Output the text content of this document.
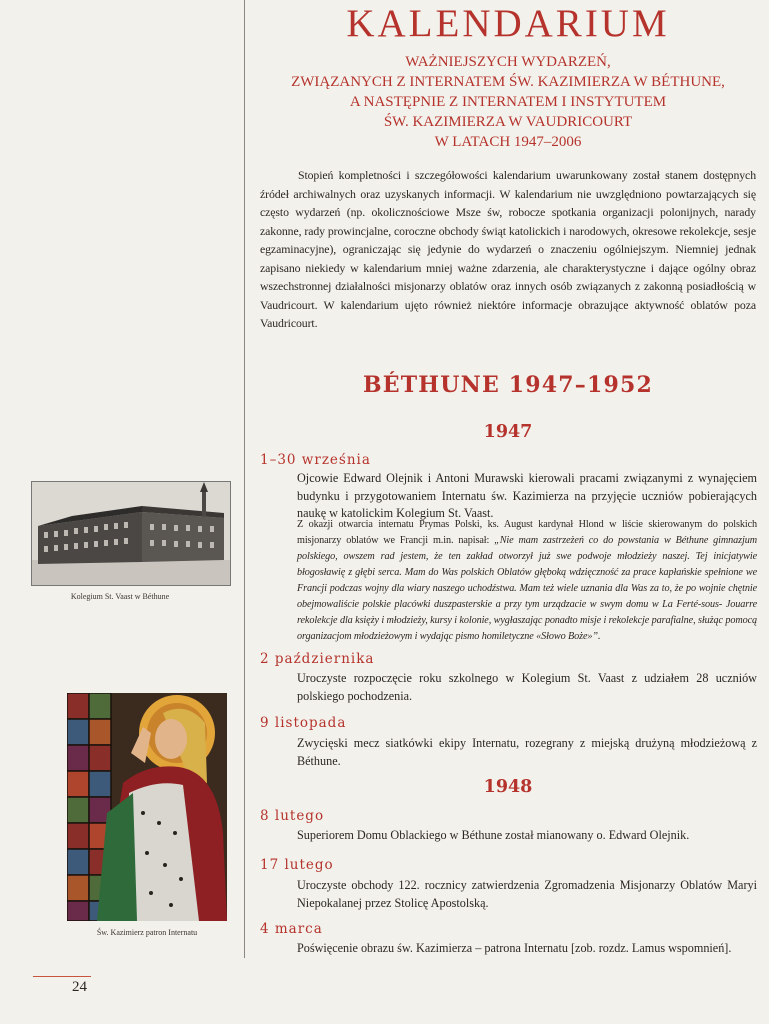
KALENDARIUM
WAŻNIEJSZYCH WYDARZEŃ,
ZWIĄZANYCH Z INTERNATEM ŚW. KAZIMIERZA W BÉTHUNE,
A NASTĘPNIE Z INTERNATEM I INSTYTUTEM
ŚW. KAZIMIERZA W VAUDRICOURT
W LATACH 1947–2006

Stopień kompletności i szczegółowości kalendarium uwarunkowany został stanem dostępnych źródeł archiwalnych oraz uzyskanych informacji. W kalendarium nie uwzględniono powtarzających się często wydarzeń (np. okolicznościowe Msze św, robocze spotkania organizacji polonijnych, narady zakonne, rady prowincjalne, coroczne obchody świąt katolickich i narodowych, okresowe rekolekcje, sesje egzaminacyjne), ograniczając się jedynie do wydarzeń o znaczeniu ogólniejszym. Niemniej jednak zapisano niekiedy w kalendarium mniej ważne zdarzenia, ale charakterystyczne i dające ogólny obraz wszechstronnej działalności misjonarzy oblatów oraz innych osób związanych z zakonną posiadłością w Vaudricourt. W kalendarium ujęto również niektóre informacje obrazujące aktywność oblatów poza Vaudricourt.

BÉTHUNE 1947–1952
1947

1–30 września

Ojcowie Edward Olejnik i Antoni Murawski kierowali pracami związanymi z wynajęciem budynku i przygotowaniem Internatu św. Kazimierza na przyjęcie uczniów pobierających naukę w katolickim Kolegium St. Vaast.

Z okazji otwarcia internatu Prymas Polski, ks. August kardynał Hlond w liście skierowanym do polskich misjonarzy oblatów we Francji m.in. napisał: „Nie mam zastrzeżeń co do powstania w Béthune gimnazjum polskiego, owszem rad jestem, że ten zakład otworzył już swe podwoje młodzieży naszej. Tej inicjatywie błogosławię z głębi serca. Mam do Was polskich Oblatów głęboką wdzięczność za prace kapłańskie spełnione we Francji podczas wojny dla wiary naszego uchodźstwa. Mam też wiele uznania dla Was za to, że po wojnie chętnie obejmowaliście polskie placówki duszpasterskie a przy tym urządzacie w swym domu w La Ferté-sous- Jouarre rekolekcje dla księży i młodzieży, kursy i kolonie, wygłaszając ponadto misje i rekolekcje parafialne, służąc pomocą organizacjom młodzieżowym i wydając pismo homiletyczne «Słowo Boże»”.

2 października

Uroczyste rozpoczęcie roku szkolnego w Kolegium St. Vaast z udziałem 28 uczniów polskiego pochodzenia.

9 listopada

Zwycięski mecz siatkówki ekipy Internatu, rozegrany z miejską drużyną młodzieżową z Béthune.

1948

8 lutego

Superiorem Domu Oblackiego w Béthune został mianowany o. Edward Olejnik.

17 lutego

Uroczyste obchody 122. rocznicy zatwierdzenia Zgromadzenia Misjonarzy Oblatów Maryi Niepokalanej przez Stolicę Apostolską.

4 marca

Poświęcenie obrazu św. Kazimierza – patrona Internatu [zob. rozdz. Lamus wspomnień].

Kolegium St. Vaast w Béthune

Św. Kazimierz patron Internatu

24
